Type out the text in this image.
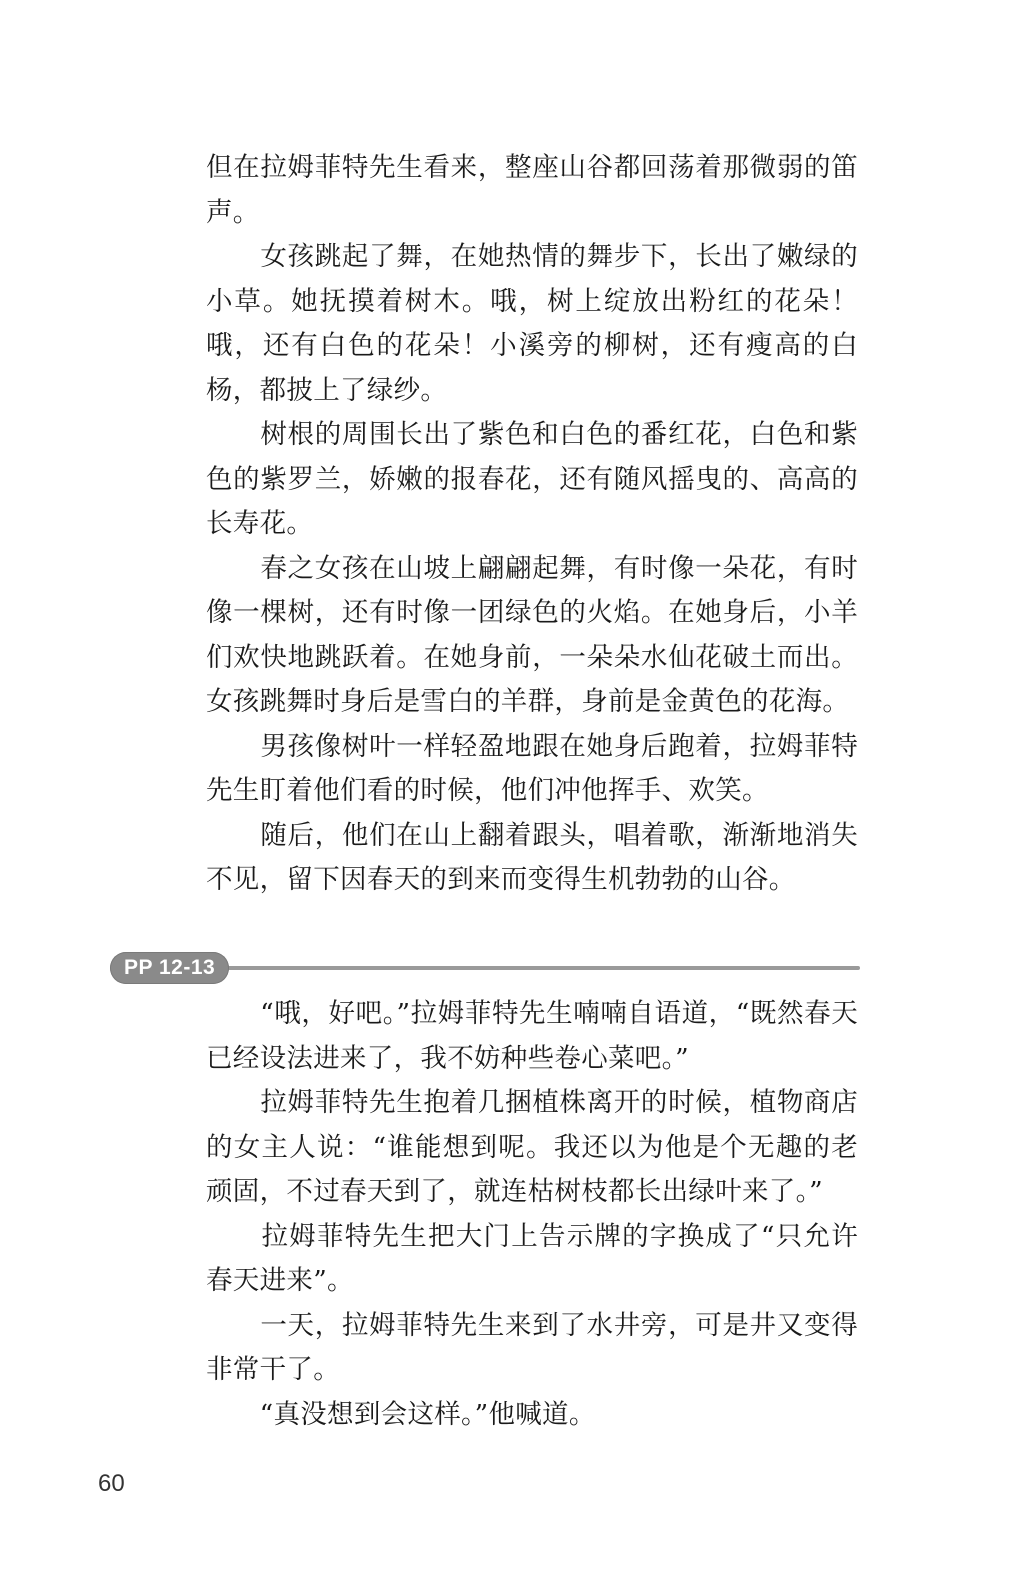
但在拉姆菲特先生看来，整座山谷都回荡着那微弱的笛声。

　　女孩跳起了舞，在她热情的舞步下，长出了嫩绿的小草。她抚摸着树木。哦，树上绽放出粉红的花朵！哦，还有白色的花朵！小溪旁的柳树，还有瘦高的白杨，都披上了绿纱。

　　树根的周围长出了紫色和白色的番红花，白色和紫色的紫罗兰，娇嫩的报春花，还有随风摇曳的、高高的长寿花。

　　春之女孩在山坡上翩翩起舞，有时像一朵花，有时像一棵树，还有时像一团绿色的火焰。在她身后，小羊们欢快地跳跃着。在她身前，一朵朵水仙花破土而出。女孩跳舞时身后是雪白的羊群，身前是金黄色的花海。

　　男孩像树叶一样轻盈地跟在她身后跑着，拉姆菲特先生盯着他们看的时候，他们冲他挥手、欢笑。

　　随后，他们在山上翻着跟头，唱着歌，渐渐地消失不见，留下因春天的到来而变得生机勃勃的山谷。

PP 12-13

　　“哦，好吧。”拉姆菲特先生喃喃自语道，“既然春天已经设法进来了，我不妨种些卷心菜吧。”

　　拉姆菲特先生抱着几捆植株离开的时候，植物商店的女主人说：“谁能想到呢。我还以为他是个无趣的老顽固，不过春天到了，就连枯树枝都长出绿叶来了。”

　　拉姆菲特先生把大门上告示牌的字换成了“只允许春天进来”。

　　一天，拉姆菲特先生来到了水井旁，可是井又变得非常干了。

　　“真没想到会这样。”他喊道。

60
